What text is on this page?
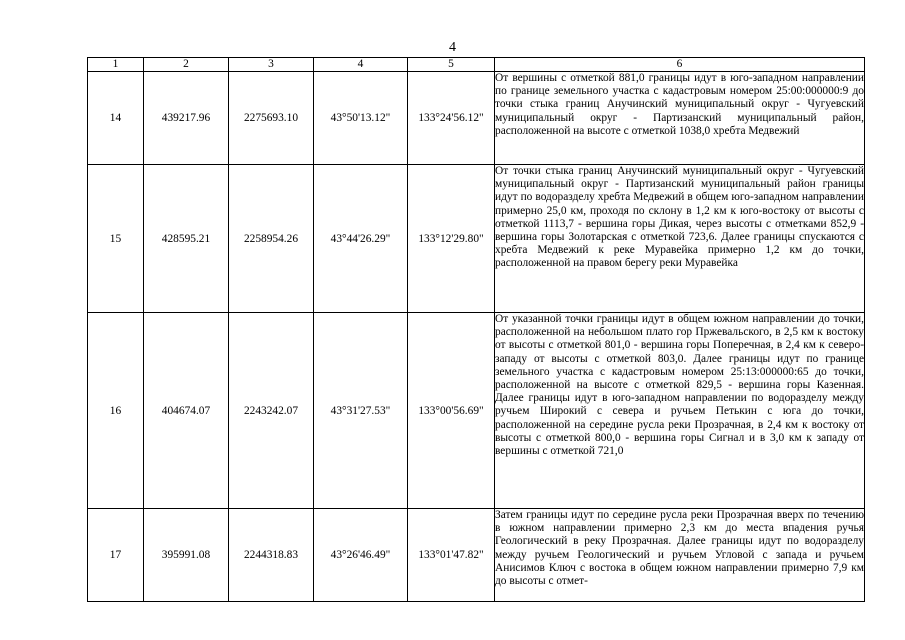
4
1	2	3	4	5	6
14	439217.96	2275693.10	43°50'13.12"	133°24'56.12"	От вершины с отметкой 881,0 границы идут в юго-западном направлении по границе земельного участка с кадастровым номером 25:00:000000:9 до точки стыка границ Анучинский муниципальный округ - Чугуевский муниципальный округ - Партизанский муниципальный район, расположенной на высоте с отметкой 1038,0 хребта Медвежий
15	428595.21	2258954.26	43°44'26.29"	133°12'29.80"	От точки стыка границ Анучинский муниципальный округ - Чугуевский муниципальный округ - Партизанский муниципальный район границы идут по водоразделу хребта Медвежий в общем юго-западном направлении примерно 25,0 км, проходя по склону в 1,2 км к юго-востоку от высоты с отметкой 1113,7 - вершина горы Дикая, через высоты с отметками 852,9 - вершина горы Золотарская с отметкой 723,6. Далее границы спускаются с хребта Медвежий к реке Муравейка примерно 1,2 км до точки, расположенной на правом берегу реки Муравейка
16	404674.07	2243242.07	43°31'27.53"	133°00'56.69"	От указанной точки границы идут в общем южном направлении до точки, расположенной на небольшом плато гор Пржевальского, в 2,5 км к востоку от высоты с отметкой 801,0 - вершина горы Поперечная, в 2,4 км к северо-западу от высоты с отметкой 803,0. Далее границы идут по границе земельного участка с кадастровым номером 25:13:000000:65 до точки, расположенной на высоте с отметкой 829,5 - вершина горы Казенная. Далее границы идут в юго-западном направлении по водоразделу между ручьем Широкий с севера и ручьем Петькин с юга до точки, расположенной на середине русла реки Прозрачная, в 2,4 км к востоку от высоты с отметкой 800,0 - вершина горы Сигнал и в 3,0 км к западу от вершины с отметкой 721,0
17	395991.08	2244318.83	43°26'46.49"	133°01'47.82"	Затем границы идут по середине русла реки Прозрачная вверх по течению в южном направлении примерно 2,3 км до места впадения ручья Геологический в реку Прозрачная. Далее границы идут по водоразделу между ручьем Геологический и ручьем Угловой с запада и ручьем Анисимов Ключ с востока в общем южном направлении примерно 7,9 км до высоты с отмет-
